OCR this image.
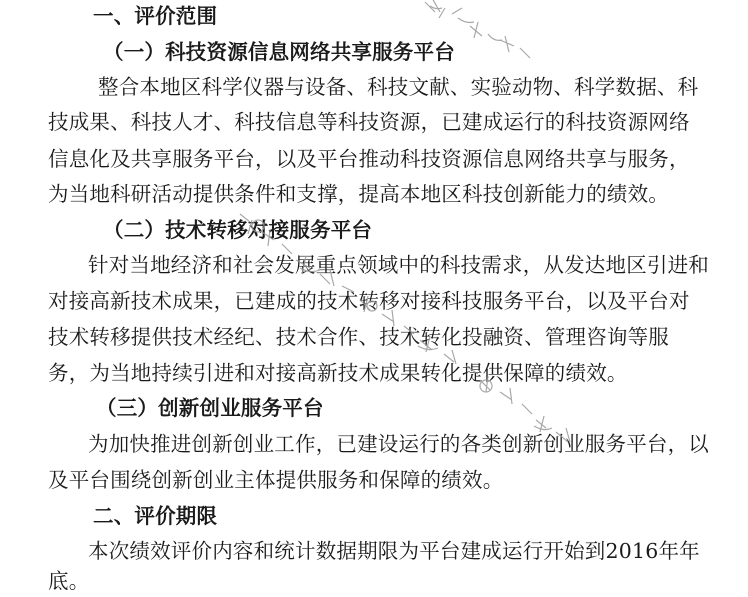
一、评价范围
（一）科技资源信息网络共享服务平台
整合本地区科学仪器与设备、科技文献、实验动物、科学数据、科
技成果、科技人才、科技信息等科技资源，已建成运行的科技资源网络
信息化及共享服务平台，以及平台推动科技资源信息网络共享与服务，
为当地科研活动提供条件和支撑，提高本地区科技创新能力的绩效。
（二）技术转移对接服务平台
针对当地经济和社会发展重点领域中的科技需求，从发达地区引进和
对接高新技术成果，已建成的技术转移对接科技服务平台，以及平台对
技术转移提供技术经纪、技术合作、技术转化投融资、管理咨询等服
务，为当地持续引进和对接高新技术成果转化提供保障的绩效。
（三）创新创业服务平台
为加快推进创新创业工作，已建设运行的各类创新创业服务平台，以
及平台围绕创新创业主体提供服务和保障的绩效。
二、评价期限
本次绩效评价内容和统计数据期限为平台建成运行开始到2016年年
底。
